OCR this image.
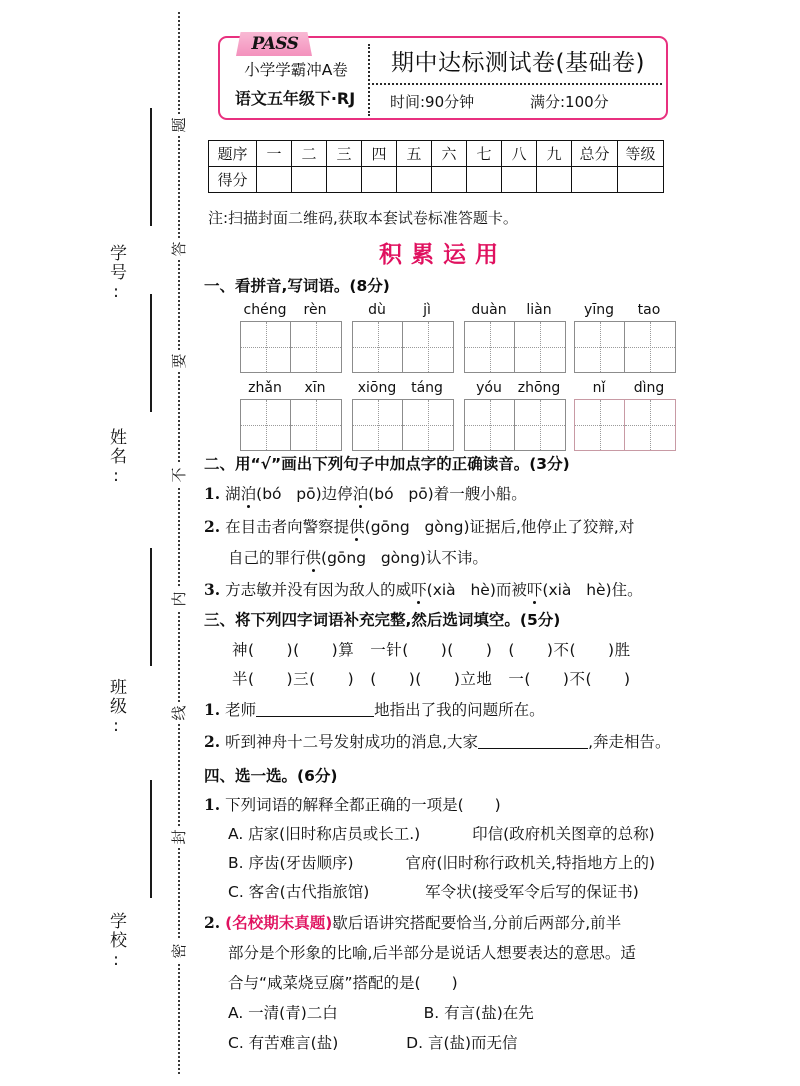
题
答
要
不
内
线
封
密
学号:
姓名:
班级:
学校:
PASS
小学学霸冲A卷
语文五年级下·RJ
期中达标测试卷(基础卷)
时间:90分钟	满分:100分
题序	一	二	三	四	五	六	七	八	九	总分	等级
得分											
注:扫描封面二维码,获取本套试卷标准答题卡。
积累运用
一、看拼音,写词语。(8分)
chéng	rèn	dù	jì	duàn	liàn	yīng	tao
zhǎn	xīn	xiōng	táng	yóu	zhōng	nǐ	dìng
二、用“√”画出下列句子中加点字的正确读音。(3分)
1. 湖泊(bó   pō)边停泊(bó   pō)着一艘小船。
2. 在目击者向警察提供(gōng   gòng)证据后,他停止了狡辩,对
自己的罪行供(gōng   gòng)认不讳。
3. 方志敏并没有因为敌人的威吓(xià   hè)而被吓(xià   hè)住。
三、将下列四字词语补充完整,然后选词填空。(5分)
神(　　)(　　)算　一针(　　)(　　)　(　　)不(　　)胜
半(　　)三(　　)　(　　)(　　)立地　一(　　)不(　　)
1. 老师	地指出了我的问题所在。
2. 听到神舟十二号发射成功的消息,大家	,奔走相告。
四、选一选。(6分)
1. 下列词语的解释全都正确的一项是(　　)
A. 店家(旧时称店员或长工.)	印信(政府机关图章的总称)
B. 序齿(牙齿顺序)	官府(旧时称行政机关,特指地方上的)
C. 客舍(古代指旅馆)	军令状(接受军令后写的保证书)
2. (名校期末真题)歇后语讲究搭配要恰当,分前后两部分,前半
部分是个形象的比喻,后半部分是说话人想要表达的意思。适
合与“咸菜烧豆腐”搭配的是(　　)
A. 一清(青)二白	B. 有言(盐)在先
C. 有苦难言(盐)	D. 言(盐)而无信
